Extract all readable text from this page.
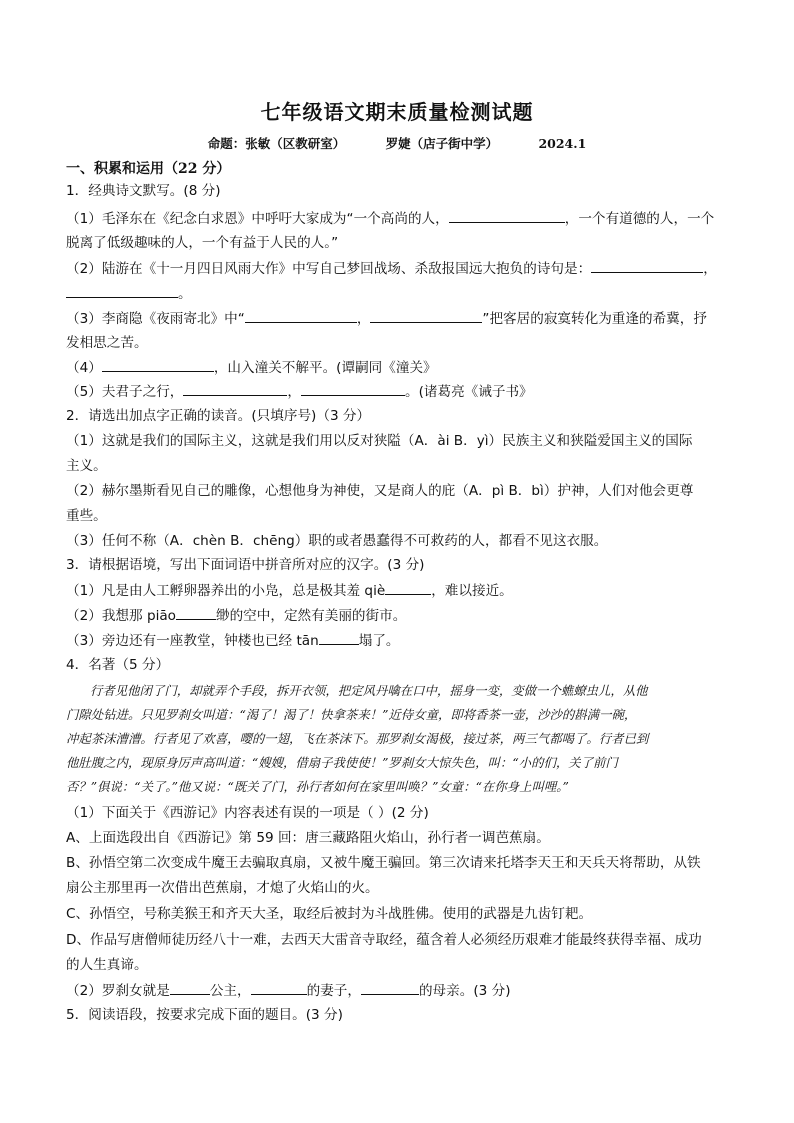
七年级语文期末质量检测试题
命题：张敏（区教研室）	罗婕（店子街中学）	2024.1
一、积累和运用（22 分）
1．经典诗文默写。(8 分)
（1）毛泽东在《纪念白求恩》中呼吁大家成为“一个高尚的人，	，一个有道德的人，一个
脱离了低级趣味的人，一个有益于人民的人。”
（2）陆游在《十一月四日风雨大作》中写自己梦回战场、杀敌报国远大抱负的诗句是：	，
。
（3）李商隐《夜雨寄北》中“	，	”把客居的寂寞转化为重逢的希冀，抒
发相思之苦。
（4）	，山入潼关不解平。(谭嗣同《潼关》
（5）夫君子之行，	，	。(诸葛亮《诫子书》
2．请选出加点字正确的读音。(只填序号)（3 分）
（1）这就是我们的国际主义，这就是我们用以反对狭隘（A．ài B．yì）民族主义和狭隘爱国主义的国际
主义。
（2）赫尔墨斯看见自己的雕像，心想他身为神使，又是商人的庇（A．pì B．bì）护神，人们对他会更尊
重些。
（3）任何不称（A．chèn B．chēng）职的或者愚蠢得不可救药的人，都看不见这衣服。
3．请根据语境，写出下面词语中拼音所对应的汉字。(3 分)
（1）凡是由人工孵卵器养出的小凫，总是极其羞 qiè	，难以接近。
（2）我想那 piāo	缈的空中，定然有美丽的街市。
（3）旁边还有一座教堂，钟楼也已经 tān	塌了。
4．名著（5 分）
行者见他闭了门，却就弄个手段，拆开衣领，把定风丹噙在口中，摇身一变，变做一个蟭蟟虫儿，从他
门隙处钻进。只见罗刹女叫道：“渴了！渴了！快拿茶来！”近侍女童，即将香茶一壶，沙沙的斟满一碗，
冲起茶沫漕漕。行者见了欢喜，嘤的一翅，飞在茶沫下。那罗刹女渴极，接过茶，两三气都喝了。行者已到
他肚腹之内，现原身厉声高叫道：“嫂嫂，借扇子我使使！”罗刹女大惊失色，叫：“小的们，关了前门
否？”俱说：“关了。”他又说：“既关了门，孙行者如何在家里叫唤？”女童：“在你身上叫哩。”
（1）下面关于《西游记》内容表述有误的一项是（ ）(2 分)
A、上面选段出自《西游记》第 59 回：唐三藏路阻火焰山，孙行者一调芭蕉扇。
B、孙悟空第二次变成牛魔王去骗取真扇，又被牛魔王骗回。第三次请来托塔李天王和天兵天将帮助，从铁
扇公主那里再一次借出芭蕉扇，才熄了火焰山的火。
C、孙悟空，号称美猴王和齐天大圣，取经后被封为斗战胜佛。使用的武器是九齿钉耙。
D、作品写唐僧师徒历经八十一难，去西天大雷音寺取经，蕴含着人必须经历艰难才能最终获得幸福、成功
的人生真谛。
（2）罗刹女就是	公主，	的妻子，	的母亲。(3 分)
5．阅读语段，按要求完成下面的题目。(3 分)
